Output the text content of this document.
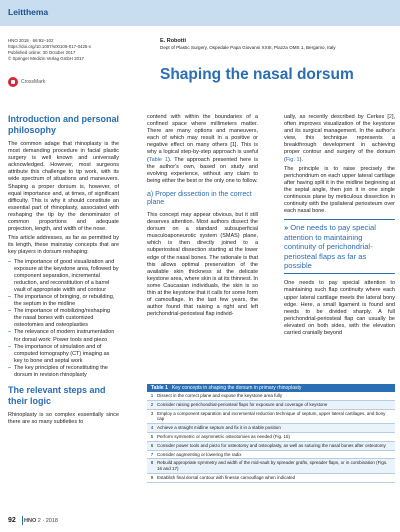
Leitthema
HNO 2018 · 66:92–102
https://doi.org/10.1007/s00106-017-0425-x
Published online: 30 October 2017
© Springer Medizin Verlag GmbH 2017
CrossMark
E. Robotti
Dept of Plastic Surgery, Ospedale Papa Giovanni XXIII, Piazza OMS 1, Bergamo, Italy
Shaping the nasal dorsum
Introduction and personal philosophy

The common adage that rhinoplasty is the most demanding procedure in facial plastic surgery is well known and universally acknowledged. However, most surgeons attribute this challenge to tip work, with its wide spectrum of situations and maneuvers. Shaping a proper dorsum is, however, of equal importance and, at times, of significant difficulty. This is why it should constitute an essential part of rhinoplasty, associated with reshaping the tip by the denominator of common proportions and adequate projection, length, and width of the nose.

This article addresses, as far as permitted by its length, these mainstay concepts that are key players in dorsum reshaping:

– The importance of good visualization and exposure at the keystone area, followed by component separation, incremental reduction, and reconstitution of a barrel vault of appropriate width and contour
– The importance of bringing, or rebuilding, the septum in the midline
– The importance of mobilizing/reshaping the nasal bones with customized osteotomies and osteoplasties
– The relevance of modern instrumentation for dorsal work: Power tools and piezo
– The importance of simulation and of computed tomography (CT) imaging as key to bone and septal work
– The key principles of reconstituting the dorsum in revision rhinoplasty
The relevant steps and their logic

Rhinoplasty is so complex essentially since there are so many subtleties to

contend with within the boundaries of a confined space where millimeters matter. There are many options and maneuvers, each of which may result in a positive or negative effect on many others [1]. This is why a logical step-by-step approach is useful (Table 1). The approach presented here is the author's own, based on study and evolving experience, without any claim to being either the best or the only one to follow.

a) Proper dissection in the correct plane

This concept may appear obvious, but it still deserves attention. Most authors dissect the dorsum on a standard subsuperficial musculoaponeurotic system (SMAS) plane, which is then directly joined to a subperiosteal dissection starting at the lower edge of the nasal bones. The rationale is that this allows optimal preservation of the available skin thickness at the delicate keystone area, where skin is at its thinnest. In some Caucasian individuals, the skin is so thin at the keystone that it calls for some form of camouflage. In the last few years, the author found that raising a right and left perichondrial-periosteal flap individ-

ually, as recently described by Cerkes [2], often improves visualization of the keystone and its surgical management. In the author's view, this technique represents a breakthrough development in achieving proper contour and surgery of the dorsum (Fig. 1).

The principle is to raise precisely the perichondrium on each upper lateral cartilage after having split it in the midline beginning at the septal angle, then join it in one single continuous plane by meticulous dissection in continuity with the ipsilateral periosteum over each nasal bone.

» One needs to pay special attention to maintaining continuity of perichondrial-periosteal flaps as far as possible

One needs to pay special attention to maintaining such flap continuity where each upper lateral cartilage meets the lateral bony edge. Here, a small ligament is found and needs to be divided sharply. A full perichondrial-periosteal flap can usually be elevated on both sides, with the elevation carried cranially beyond

Table 1 Key concepts in shaping the dorsum in primary rhinoplasty
1 Dissect in the correct plane and expose the keystone area fully
2 Consider raising perichondrial-periosteal flaps for exposure and coverage of keystone
3 Employ a component separation and incremental reduction technique of septum, upper lateral cartilages, and bony cap
4 Achieve a straight midline septum and fix it in a stable position
5 Perform symmetric or asymmetric osteotomies as needed (Fig. 15)
6 Consider power tools and piezo for osteotomy and osteoplasty, as well as suturing the nasal bones after osteotomy
7 Consider augmenting or lowering the radix
8 Rebuild appropriate symmetry and width of the mid-vault by spreader grafts, spreader flaps, or in combination (Figs. 16 and 17)
9 Establish final dorsal contour with finesse camouflage when indicated
92 HNO 2 · 2018
